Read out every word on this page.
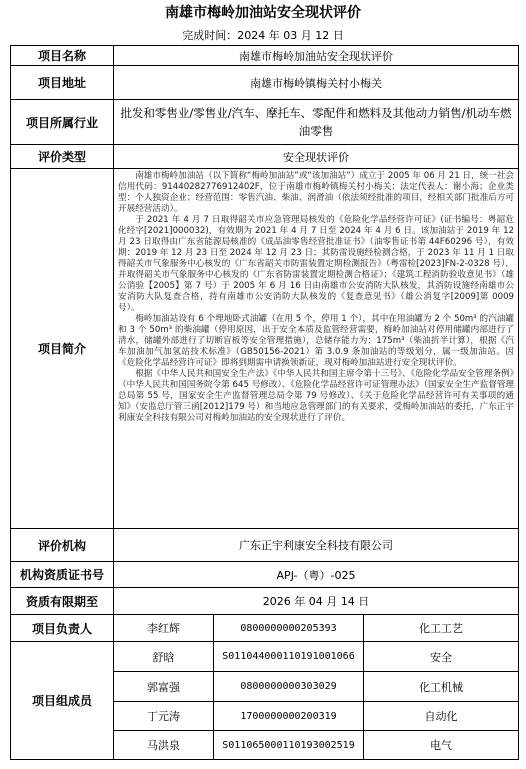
南雄市梅岭加油站安全现状评价
完成时间：2024 年 03 月 12 日
项目名称	南雄市梅岭加油站安全现状评价		
项目地址	南雄市梅岭镇梅关村小梅关		
项目所属行业	批发和零售业/零售业/汽车、摩托车、零配件和燃料及其他动力销售/机动车燃油零售		
评价类型	安全现状评价		
项目简介	南雄市梅岭加油站（以下简称“梅岭加油站”或“该加油站”）成立于 2005 年 06 月 21 日，统一社会信用代码：91440282776912402F，位于南雄市梅岭镇梅关村小梅关；法定代表人：谢小海；企业类型：个人独资企业；经营范围：零售汽油、柴油、润滑油（依法须经批准的项目，经相关部门批准后方可开展经营活动）。

于 2021 年 4 月 7 日取得韶关市应急管理局核发的《危险化学品经营许可证》(证书编号：粤韶危化经字[2021]000032)，有效期为 2021 年 4 月 7 日至 2024 年 4 月 6 日。该加油站于 2019 年 12 月 23 日取得由广东省能源局核准的《成品油零售经营批准证书》（油零售证书第 44F60296 号），有效期：2019 年 12 月 23 日至 2024 年 12 月 23 日；其防雷设施经检测合格，于 2023 年 11 月 1 日取得韶关市气象服务中心核发的《广东省韶关市防雷装置定期检测报告》（粤雷检[2023]FN-2-0328 号），并取得韶关市气象服务中心核发的《广东省防雷装置定期检测合格证》；《建筑工程消防验收意见书》（雄公消验【2005】第 7 号）于 2005 年 6 月 16 日由南雄市公安消防大队核发，其消防设施经南雄市公安消防大队复查合格，持有南雄市公安消防大队核发的《复查意见书》（雄公消复字[2009]第 0009 号）。

梅岭加油站设有 6 个埋地卧式油罐（在用 5 个，停用 1 个），其中在用油罐为 2 个 50m³ 的汽油罐和 3 个 50m³ 的柴油罐（停用原因，出于安全本质及监管经营需要，梅岭加油站对停用储罐内部进行了清水，储罐外部进行了切断盲板等安全管理措施），总储存能力为：175m³（柴油折半计算），根据《汽车加油加气加氢站技术标准》（GB50156-2021）第 3.0.9 条加油站的等级划分，属一级加油站。因《危险化学品经营许可证》即将到期需申请换领新证，现对梅岭加油站进行安全现状评价。

根据《中华人民共和国安全生产法》《中华人民共和国主席令第十三号》、《危险化学品安全管理条例》（中华人民共和国国务院令第 645 号修改）、《危险化学品经营许可证管理办法》（国家安全生产监督管理总局第 55 号，国家安全生产监督管理总局令第 79 号修改）、《关于危险化学品经营许可有关事项的通知》（安监总厅管三函[2012]179 号）和当地应急管理部门的有关要求，受梅岭加油站的委托，广东正宇利康安全科技有限公司对梅岭加油站的安全现状进行了评价。		

评价机构	广东正宇利康安全科技有限公司		
机构资质证书号	APJ-（粤）-025		
资质有限期至	2026 年 04 月 14 日		
项目负责人	李红辉	0800000000205393	化工工艺
项目组成员	舒晗	S011044000110191001066	安全
	郭富强	0800000000303029	化工机械
	丁元涛	1700000000200319	自动化
	马洪泉	S011065000110193002519	电气
